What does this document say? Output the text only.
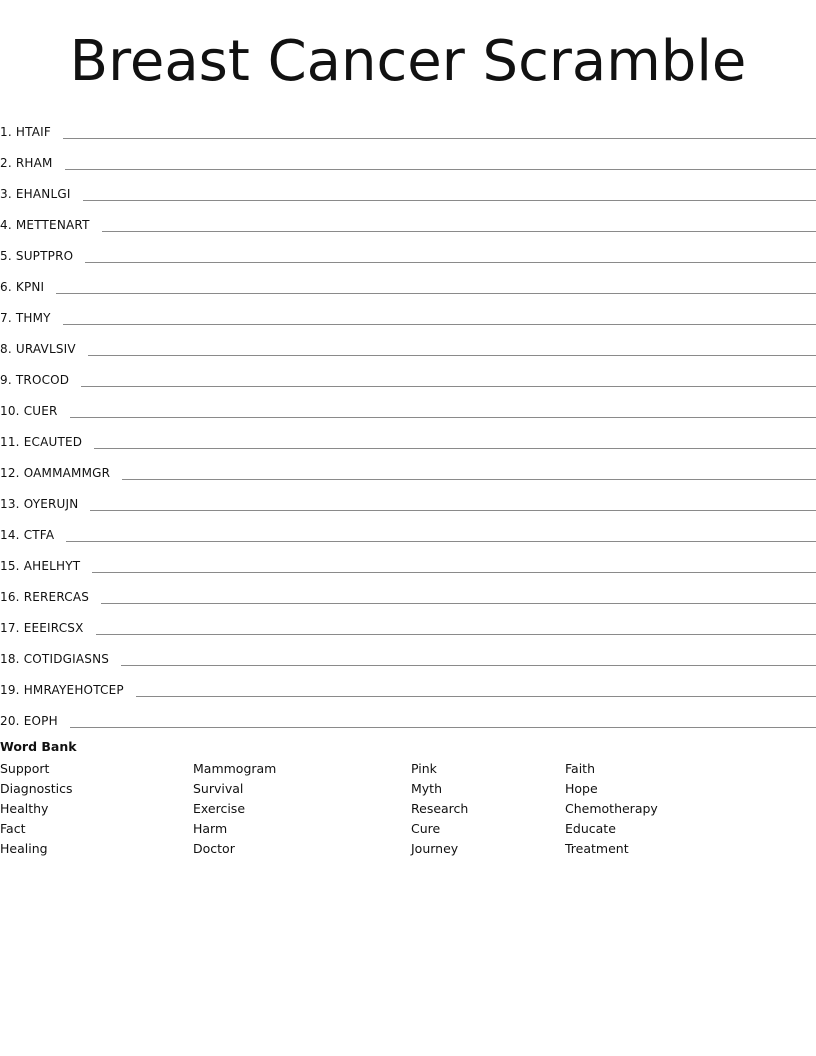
Breast Cancer Scramble
1. HTAIF
2. RHAM
3. EHANLGI
4. METTENART
5. SUPTPRO
6. KPNI
7. THMY
8. URAVLSIV
9. TROCOD
10. CUER
11. ECAUTED
12. OAMMAMMGR
13. OYERUJN
14. CTFA
15. AHELHYT
16. RERERCAS
17. EEEIRCSX
18. COTIDGIASNS
19. HMRAYEHOTCEP
20. EOPH
Word Bank
Support
Diagnostics
Healthy
Fact
Healing
Mammogram
Survival
Exercise
Harm
Doctor
Pink
Myth
Research
Cure
Journey
Faith
Hope
Chemotherapy
Educate
Treatment
